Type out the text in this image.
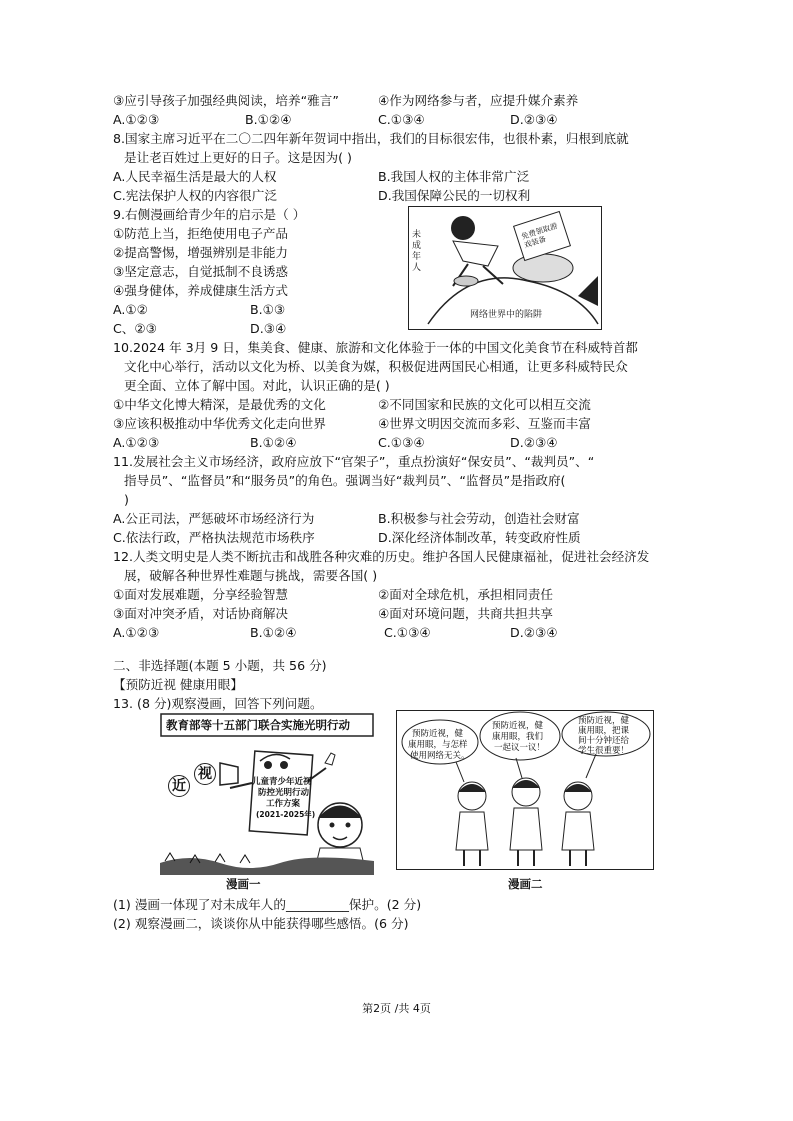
③应引导孩子加强经典阅读，培养“雅言”	④作为网络参与者，应提升媒介素养
A.①②③	B.①②④	C.①③④	D.②③④
8.国家主席习近平在二〇二四年新年贺词中指出，我们的目标很宏伟，也很朴素，归根到底就
是让老百姓过上更好的日子。这是因为( )
A.人民幸福生活是最大的人权	B.我国人权的主体非常广泛
C.宪法保护人权的内容很广泛	D.我国保障公民的一切权利
9.右侧漫画给青少年的启示是（ ）
①防范上当，拒绝使用电子产品
②提高警惕，增强辨别是非能力
③坚定意志，自觉抵制不良诱惑
④强身健体，养成健康生活方式
A.①②	B.①③
C、②③	D.③④
未成年人
免费领取游戏装备
网络世界中的陷阱
10.2024 年 3月 9 日，集美食、健康、旅游和文化体验于一体的中国文化美食节在科威特首都
文化中心举行，活动以文化为桥、以美食为媒，积极促进两国民心相通，让更多科威特民众
更全面、立体了解中国。对此，认识正确的是( )
①中华文化博大精深，是最优秀的文化	②不同国家和民族的文化可以相互交流
③应该积极推动中华优秀文化走向世界	④世界文明因交流而多彩、互鉴而丰富
A.①②③	B.①②④	C.①③④	D.②③④
11.发展社会主义市场经济，政府应放下“官架子”，重点扮演好“保安员”、“裁判员”、“
指导员”、“监督员”和“服务员”的角色。强调当好“裁判员”、“监督员”是指政府(
)
A.公正司法，严惩破坏市场经济行为	B.积极参与社会劳动，创造社会财富
C.依法行政，严格执法规范市场秩序	D.深化经济体制改革，转变政府性质
12.人类文明史是人类不断抗击和战胜各种灾难的历史。维护各国人民健康福祉，促进社会经济发
展，破解各种世界性难题与挑战，需要各国( )
①面对发展难题，分享经验智慧	②面对全球危机，承担相同责任
③面对冲突矛盾，对话协商解决	④面对环境问题，共商共担共享
A.①②③	B.①②④	C.①③④	D.②③④
二、非选择题(本题 5 小题，共 56 分)
【预防近视 健康用眼】
13. (8 分)观察漫画，回答下列问题。
教育部等十五部门联合实施光明行动
近
视	儿童青少年近视
防控光明行动
工作方案
(2021-2025年)
漫画一
预防近视，健
康用眼，与怎样
使用网络无关。
预防近视，健
康用眼，我们
一起议一议！
预防近视，健
康用眼，把课
间十分钟还给
学生很重要！
漫画二
(1) 漫画一体现了对未成年人的__________保护。(2 分)
(2) 观察漫画二，谈谈你从中能获得哪些感悟。(6 分)
第2页 /共 4页
